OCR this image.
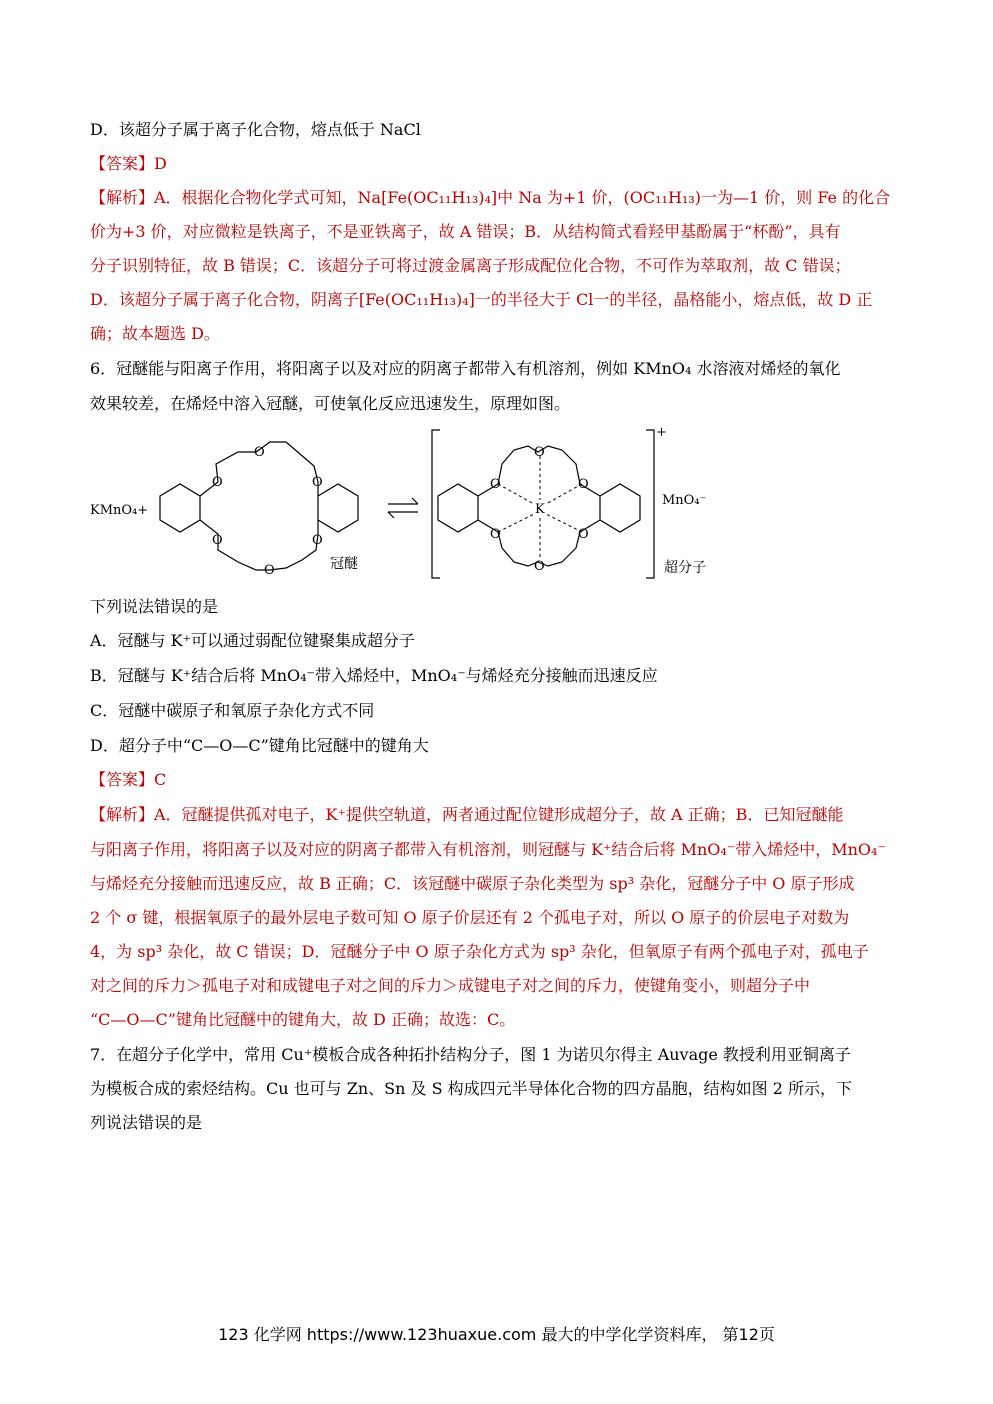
D．该超分子属于离子化合物，熔点低于 NaCl
【答案】D
【解析】A．根据化合物化学式可知，Na[Fe(OC₁₁H₁₃)₄]中 Na 为+1 价，(OC₁₁H₁₃)一为—1 价，则 Fe 的化合
价为+3 价，对应微粒是铁离子，不是亚铁离子，故 A 错误；B．从结构简式看羟甲基酚属于“杯酚”，具有
分子识别特征，故 B 错误；C．该超分子可将过渡金属离子形成配位化合物，不可作为萃取剂，故 C 错误；
D．该超分子属于离子化合物，阴离子[Fe(OC₁₁H₁₃)₄]一的半径大于 Cl一的半径，晶格能小，熔点低，故 D 正
确；故本题选 D。
6．冠醚能与阳离子作用，将阳离子以及对应的阴离子都带入有机溶剂，例如 KMnO₄ 水溶液对烯烃的氧化
效果较差，在烯烃中溶入冠醚，可使氧化反应迅速发生，原理如图。
KMnO₄+
O
O
O
O
O
O
冠醚
O
O	O
O	O
O
K
+
MnO₄⁻
超分子
下列说法错误的是
A．冠醚与 K⁺可以通过弱配位键聚集成超分子
B．冠醚与 K⁺结合后将 MnO₄⁻带入烯烃中，MnO₄⁻与烯烃充分接触而迅速反应
C．冠醚中碳原子和氧原子杂化方式不同
D．超分子中“C—O—C”键角比冠醚中的键角大
【答案】C
【解析】A．冠醚提供孤对电子，K⁺提供空轨道，两者通过配位键形成超分子，故 A 正确；B．已知冠醚能
与阳离子作用，将阳离子以及对应的阴离子都带入有机溶剂，则冠醚与 K⁺结合后将 MnO₄⁻带入烯烃中，MnO₄⁻
与烯烃充分接触而迅速反应，故 B 正确；C．该冠醚中碳原子杂化类型为 sp³ 杂化，冠醚分子中 O 原子形成
2 个 σ 键，根据氧原子的最外层电子数可知 O 原子价层还有 2 个孤电子对，所以 O 原子的价层电子对数为
4，为 sp³ 杂化，故 C 错误；D．冠醚分子中 O 原子杂化方式为 sp³ 杂化，但氧原子有两个孤电子对，孤电子
对之间的斥力＞孤电子对和成键电子对之间的斥力＞成键电子对之间的斥力，使键角变小，则超分子中
“C—O—C”键角比冠醚中的键角大，故 D 正确；故选：C。
7．在超分子化学中，常用 Cu⁺模板合成各种拓扑结构分子，图 1 为诺贝尔得主 Auvage 教授利用亚铜离子
为模板合成的索烃结构。Cu 也可与 Zn、Sn 及 S 构成四元半导体化合物的四方晶胞，结构如图 2 所示，下
列说法错误的是
123 化学网 https://www.123huaxue.com 最大的中学化学资料库， 第12页
